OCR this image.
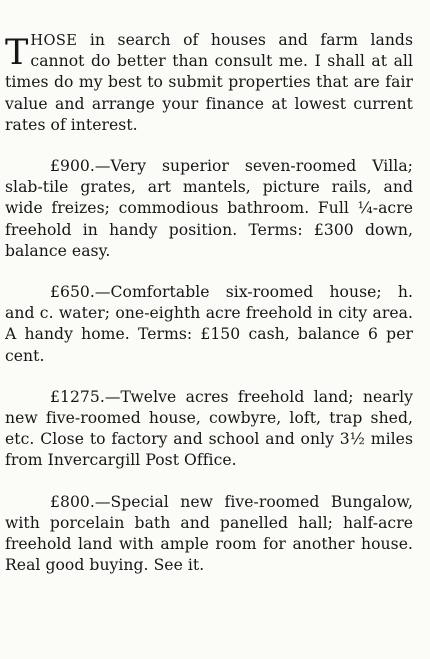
THOSE in search of houses and farm lands cannot do better than consult me. I shall at all times do my best to submit properties that are fair value and arrange your finance at lowest current rates of interest.

£900.—Very superior seven-roomed Villa; slab-tile grates, art mantels, picture rails, and wide freizes; commodious bathroom. Full ¼-acre freehold in handy position. Terms: £300 down, balance easy.

£650.—Comfortable six-roomed house; h. and c. water; one-eighth acre freehold in city area. A handy home. Terms: £150 cash, balance 6 per cent.

£1275.—Twelve acres freehold land; nearly new five-roomed house, cowbyre, loft, trap shed, etc. Close to factory and school and only 3½ miles from Invercargill Post Office.

£800.—Special new five-roomed Bungalow, with porcelain bath and panelled hall; half-acre freehold land with ample room for another house. Real good buying. See it.
